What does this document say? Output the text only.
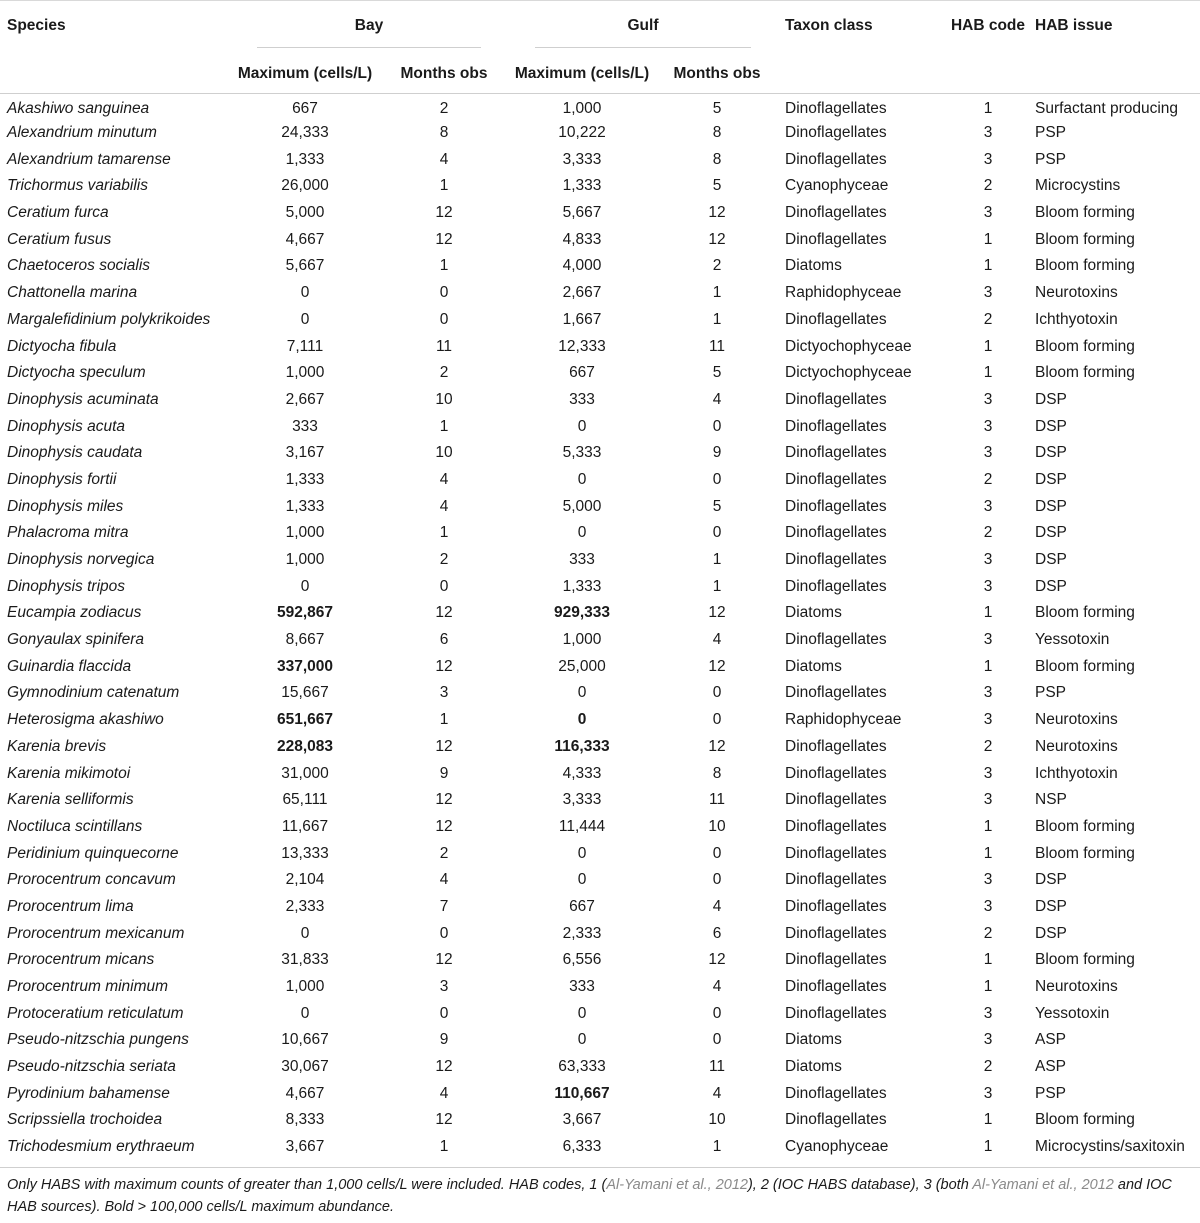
Species	Bay		Gulf		Taxon class	HAB code	HAB issue
	Maximum (cells/L)	Months obs	Maximum (cells/L)	Months obs			
Akashiwo sanguinea	667	2	1,000	5	Dinoflagellates	1	Surfactant producing
Alexandrium minutum	24,333	8	10,222	8	Dinoflagellates	3	PSP
Alexandrium tamarense	1,333	4	3,333	8	Dinoflagellates	3	PSP
Trichormus variabilis	26,000	1	1,333	5	Cyanophyceae	2	Microcystins
Ceratium furca	5,000	12	5,667	12	Dinoflagellates	3	Bloom forming
Ceratium fusus	4,667	12	4,833	12	Dinoflagellates	1	Bloom forming
Chaetoceros socialis	5,667	1	4,000	2	Diatoms	1	Bloom forming
Chattonella marina	0	0	2,667	1	Raphidophyceae	3	Neurotoxins
Margalefidinium polykrikoides	0	0	1,667	1	Dinoflagellates	2	Ichthyotoxin
Dictyocha fibula	7,111	11	12,333	11	Dictyochophyceae	1	Bloom forming
Dictyocha speculum	1,000	2	667	5	Dictyochophyceae	1	Bloom forming
Dinophysis acuminata	2,667	10	333	4	Dinoflagellates	3	DSP
Dinophysis acuta	333	1	0	0	Dinoflagellates	3	DSP
Dinophysis caudata	3,167	10	5,333	9	Dinoflagellates	3	DSP
Dinophysis fortii	1,333	4	0	0	Dinoflagellates	2	DSP
Dinophysis miles	1,333	4	5,000	5	Dinoflagellates	3	DSP
Phalacroma mitra	1,000	1	0	0	Dinoflagellates	2	DSP
Dinophysis norvegica	1,000	2	333	1	Dinoflagellates	3	DSP
Dinophysis tripos	0	0	1,333	1	Dinoflagellates	3	DSP
Eucampia zodiacus	592,867	12	929,333	12	Diatoms	1	Bloom forming
Gonyaulax spinifera	8,667	6	1,000	4	Dinoflagellates	3	Yessotoxin
Guinardia flaccida	337,000	12	25,000	12	Diatoms	1	Bloom forming
Gymnodinium catenatum	15,667	3	0	0	Dinoflagellates	3	PSP
Heterosigma akashiwo	651,667	1	0	0	Raphidophyceae	3	Neurotoxins
Karenia brevis	228,083	12	116,333	12	Dinoflagellates	2	Neurotoxins
Karenia mikimotoi	31,000	9	4,333	8	Dinoflagellates	3	Ichthyotoxin
Karenia selliformis	65,111	12	3,333	11	Dinoflagellates	3	NSP
Noctiluca scintillans	11,667	12	11,444	10	Dinoflagellates	1	Bloom forming
Peridinium quinquecorne	13,333	2	0	0	Dinoflagellates	1	Bloom forming
Prorocentrum concavum	2,104	4	0	0	Dinoflagellates	3	DSP
Prorocentrum lima	2,333	7	667	4	Dinoflagellates	3	DSP
Prorocentrum mexicanum	0	0	2,333	6	Dinoflagellates	2	DSP
Prorocentrum micans	31,833	12	6,556	12	Dinoflagellates	1	Bloom forming
Prorocentrum minimum	1,000	3	333	4	Dinoflagellates	1	Neurotoxins
Protoceratium reticulatum	0	0	0	0	Dinoflagellates	3	Yessotoxin
Pseudo-nitzschia pungens	10,667	9	0	0	Diatoms	3	ASP
Pseudo-nitzschia seriata	30,067	12	63,333	11	Diatoms	2	ASP
Pyrodinium bahamense	4,667	4	110,667	4	Dinoflagellates	3	PSP
Scripssiella trochoidea	8,333	12	3,667	10	Dinoflagellates	1	Bloom forming
Trichodesmium erythraeum	3,667	1	6,333	1	Cyanophyceae	1	Microcystins/saxitoxin
Only HABS with maximum counts of greater than 1,000 cells/L were included. HAB codes, 1 (Al-Yamani et al., 2012), 2 (IOC HABS database), 3 (both Al-Yamani et al., 2012 and IOC HAB sources). Bold > 100,000 cells/L maximum abundance.
